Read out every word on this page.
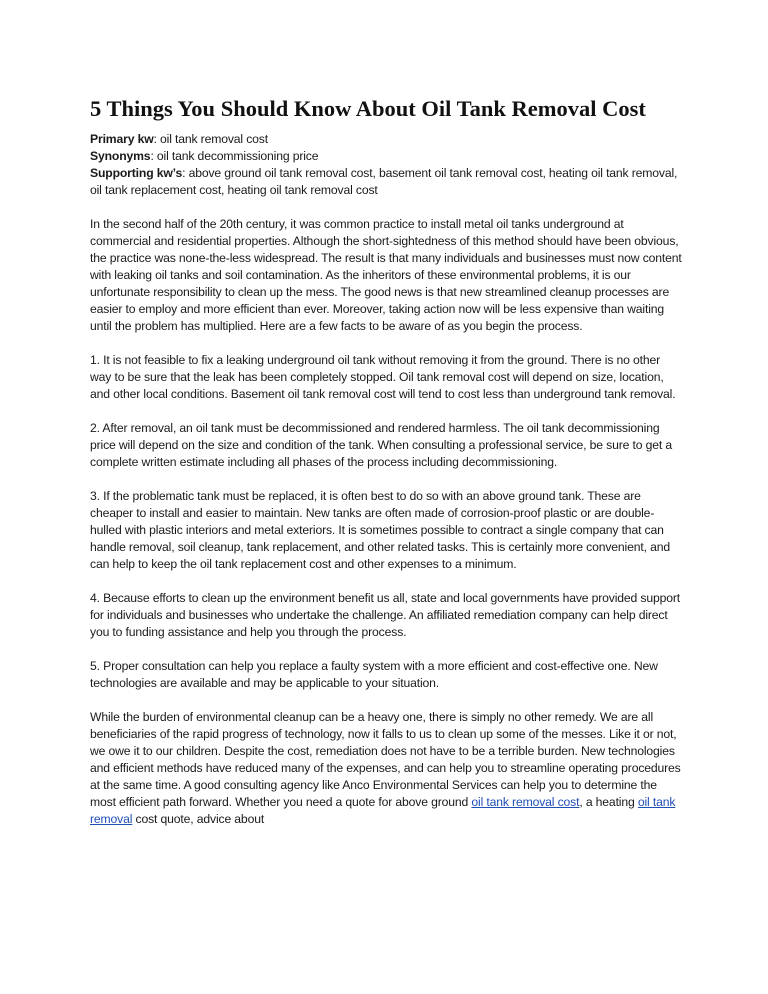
5 Things You Should Know About Oil Tank Removal Cost

Primary kw: oil tank removal cost

Synonyms: oil tank decommissioning price

Supporting kw’s: above ground oil tank removal cost, basement oil tank removal cost, heating oil tank removal, oil tank replacement cost, heating oil tank removal cost

In the second half of the 20th century, it was common practice to install metal oil tanks underground at commercial and residential properties. Although the short-sightedness of this method should have been obvious, the practice was none-the-less widespread. The result is that many individuals and businesses must now content with leaking oil tanks and soil contamination. As the inheritors of these environmental problems, it is our unfortunate responsibility to clean up the mess. The good news is that new streamlined cleanup processes are easier to employ and more efficient than ever. Moreover, taking action now will be less expensive than waiting until the problem has multiplied. Here are a few facts to be aware of as you begin the process.

1. It is not feasible to fix a leaking underground oil tank without removing it from the ground. There is no other way to be sure that the leak has been completely stopped. Oil tank removal cost will depend on size, location, and other local conditions. Basement oil tank removal cost will tend to cost less than underground tank removal.

2. After removal, an oil tank must be decommissioned and rendered harmless. The oil tank decommissioning price will depend on the size and condition of the tank. When consulting a professional service, be sure to get a complete written estimate including all phases of the process including decommissioning.

3. If the problematic tank must be replaced, it is often best to do so with an above ground tank. These are cheaper to install and easier to maintain. New tanks are often made of corrosion-proof plastic or are double-hulled with plastic interiors and metal exteriors. It is sometimes possible to contract a single company that can handle removal, soil cleanup, tank replacement, and other related tasks. This is certainly more convenient, and can help to keep the oil tank replacement cost and other expenses to a minimum.

4. Because efforts to clean up the environment benefit us all, state and local governments have provided support for individuals and businesses who undertake the challenge. An affiliated remediation company can help direct you to funding assistance and help you through the process.

5. Proper consultation can help you replace a faulty system with a more efficient and cost-effective one. New technologies are available and may be applicable to your situation.

While the burden of environmental cleanup can be a heavy one, there is simply no other remedy. We are all beneficiaries of the rapid progress of technology, now it falls to us to clean up some of the messes. Like it or not, we owe it to our children. Despite the cost, remediation does not have to be a terrible burden. New technologies and efficient methods have reduced many of the expenses, and can help you to streamline operating procedures at the same time. A good consulting agency like Anco Environmental Services can help you to determine the most efficient path forward. Whether you need a quote for above ground oil tank removal cost, a heating oil tank removal cost quote, advice about
